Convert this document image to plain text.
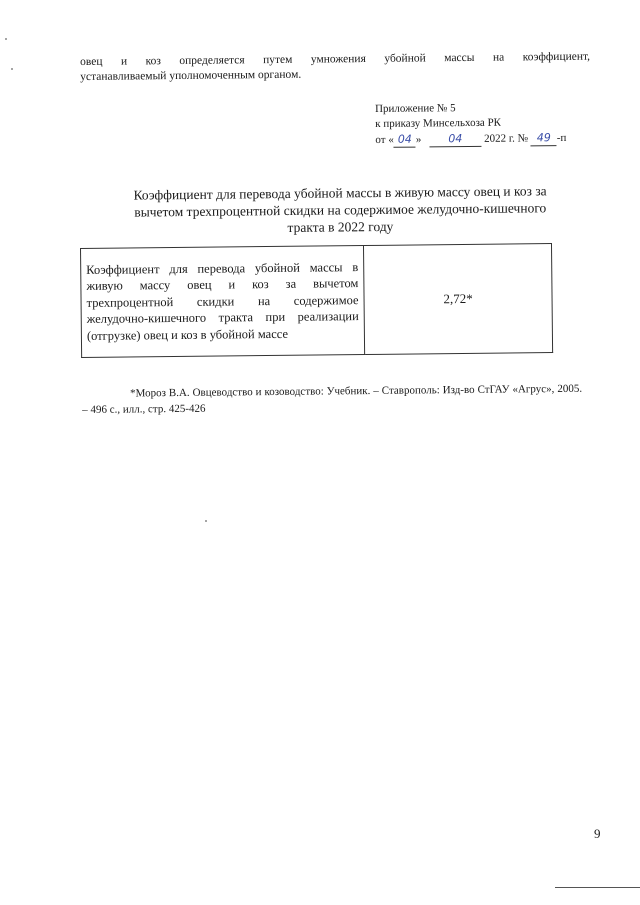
овец и коз определяется путем умножения убойной массы на коэффициент,
устанавливаемый уполномоченным органом.
Приложение № 5
к приказу Минсельхоза РК
от « 04 » 04 2022 г. № 49 -п
Коэффициент для перевода убойной массы в живую массу овец и коз за
вычетом трехпроцентной скидки на содержимое желудочно-кишечного
тракта в 2022 году
Коэффициент для перевода убойной массы в живую массу овец и коз за вычетом трехпроцентной скидки на содержимое желудочно-кишечного тракта при реализации (отгрузке) овец и коз в убойной массе	2,72*
*Мороз В.А. Овцеводство и козоводство: Учебник. – Ставрополь: Изд-во СтГАУ «Агрус», 2005. – 496 с., илл., стр. 425-426
9
